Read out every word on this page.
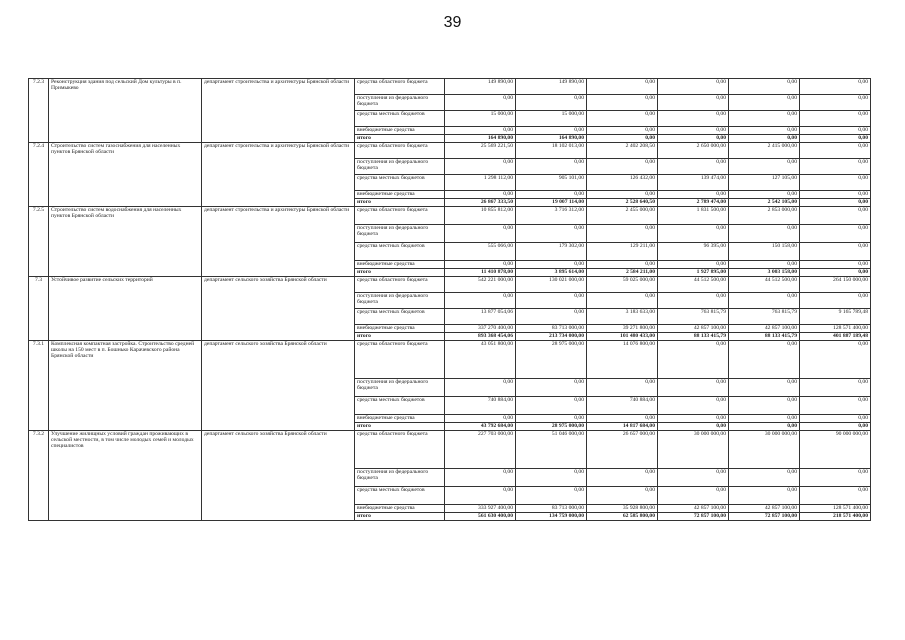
39
7.2.3	Реконструкция здания под сельский Дом культуры в п. Примыкево	департамент строительства и архитектуры Брянской области	средства областного бюджета	149 890,00	149 890,00	0,00	0,00	0,00	0,00
			поступления из федерального бюджета	0,00	0,00	0,00	0,00	0,00	0,00
			средства местных бюджетов	15 000,00	15 000,00	0,00	0,00	0,00	0,00
			внебюджетные средства	0,00	0,00	0,00	0,00	0,00	0,00
			итого	164 890,00	164 890,00	0,00	0,00	0,00	0,00
7.2.4	Строительство систем газоснабжения для населенных пунктов Брянской области	департамент строительства и архитектуры Брянской области	средства областного бюджета	25 569 221,50	18 102 013,00	2 402 208,50	2 650 000,00	2 415 000,00	0,00
			поступления из федерального бюджета	0,00	0,00	0,00	0,00	0,00	0,00
			средства местных бюджетов	1 298 112,00	905 101,00	126 432,00	139 474,00	127 105,00	0,00
			внебюджетные средства	0,00	0,00	0,00	0,00	0,00	0,00
			итого	26 867 333,50	19 007 114,00	2 528 640,50	2 789 474,00	2 542 105,00	0,00
7.2.5	Строительство систем водоснабжения для населенных пунктов Брянской области	департамент строительства и архитектуры Брянской области	средства областного бюджета	10 855 812,00	3 716 312,00	2 455 000,00	1 831 500,00	2 853 000,00	0,00
			поступления из федерального бюджета	0,00	0,00	0,00	0,00	0,00	0,00
			средства местных бюджетов	555 066,00	179 302,00	129 211,00	96 395,00	150 158,00	0,00
			внебюджетные средства	0,00	0,00	0,00	0,00	0,00	0,00
			итого	11 410 878,00	3 895 614,00	2 584 211,00	1 927 895,00	3 003 158,00	0,00
7.3	Устойчивое развитие сельских территорий	департамент сельского хозяйства Брянской области	средства областного бюджета	542 221 000,00	130 021 000,00	59 025 000,00	44 512 500,00	44 512 500,00	264 150 000,00
			поступления из федерального бюджета	0,00	0,00	0,00	0,00	0,00	0,00
			средства местных бюджетов	13 877 054,06	0,00	3 183 633,00	763 815,79	763 815,79	9 165 789,48
			внебюджетные средства	337 270 400,00	83 713 000,00	39 271 800,00	42 857 100,00	42 857 100,00	128 571 400,00
			итого	893 368 454,06	213 734 000,00	101 480 433,00	88 133 415,79	88 133 415,79	401 887 189,48
7.3.1	Комплексная компактная застройка. Строительство средней школы на 150 мест в п. Бошнько Карачевского района Брянской области	департамент сельского хозяйства Брянской области	средства областного бюджета	43 051 800,00	28 975 000,00	14 076 800,00	0,00	0,00	0,00
			поступления из федерального бюджета	0,00	0,00	0,00	0,00	0,00	0,00
			средства местных бюджетов	740 884,00	0,00	740 884,00	0,00	0,00	0,00
			внебюджетные средства	0,00	0,00	0,00	0,00	0,00	0,00
			итого	43 792 684,00	28 975 000,00	14 817 684,00	0,00	0,00	0,00
7.3.2	Улучшение жилищных условий граждан проживающих в сельской местности, в том числе молодых семей и молодых специалистов	департамент сельского хозяйства Брянской области	средства областного бюджета	227 703 000,00	51 046 000,00	26 657 000,00	30 000 000,00	30 000 000,00	90 000 000,00
			поступления из федерального бюджета	0,00	0,00	0,00	0,00	0,00	0,00
			средства местных бюджетов	0,00	0,00	0,00	0,00	0,00	0,00
			внебюджетные средства	333 927 400,00	83 713 000,00	35 928 800,00	42 857 100,00	42 857 100,00	128 571 400,00
			итого	561 630 400,00	134 759 000,00	62 585 800,00	72 857 100,00	72 857 100,00	218 571 400,00
